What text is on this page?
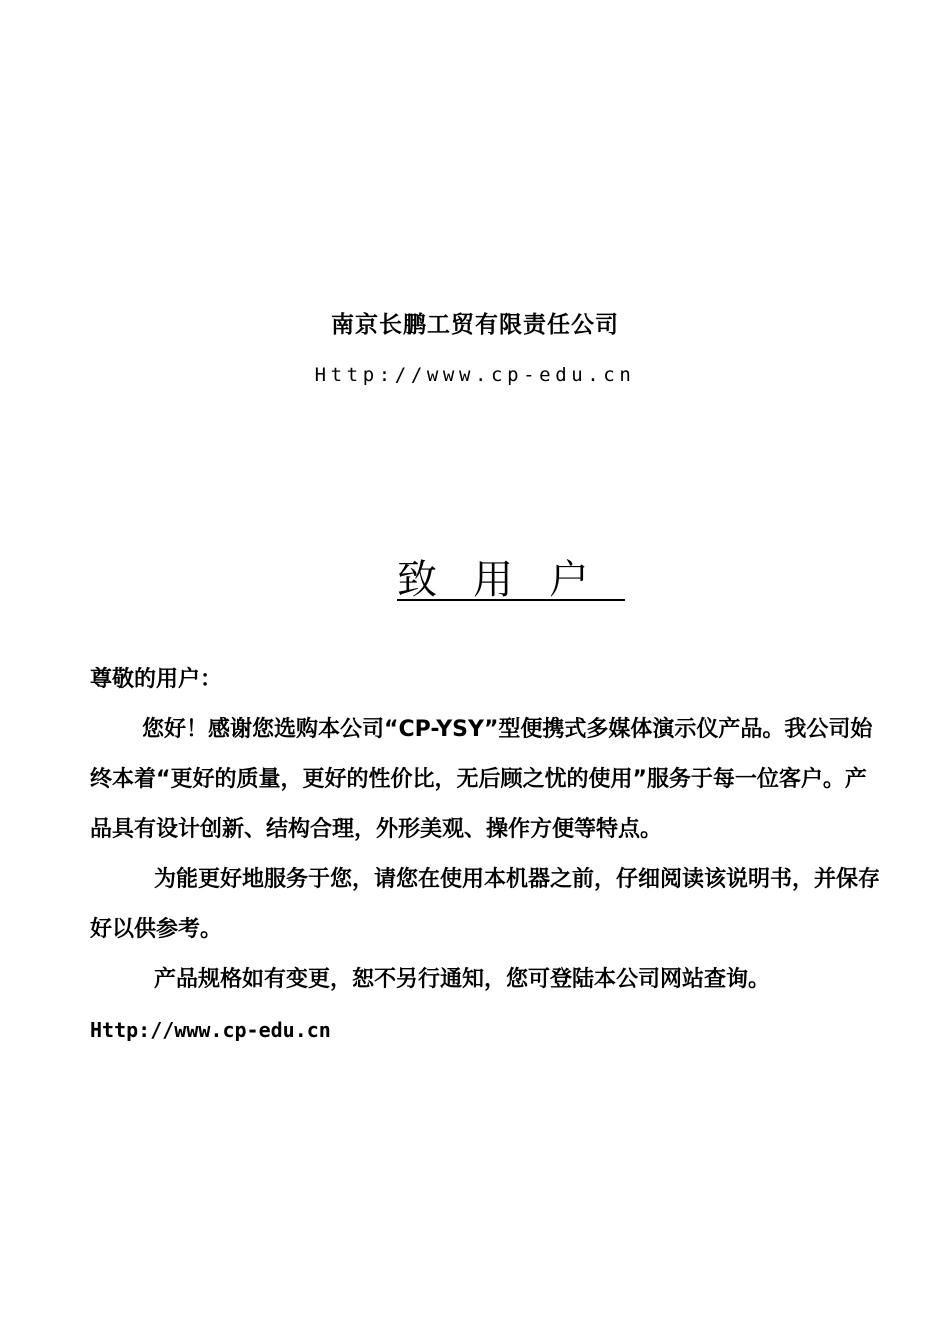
南京长鹏工贸有限责任公司
Http://www.cp-edu.cn
致用户

尊敬的用户：

您好！感谢您选购本公司“CP-YSY”型便携式多媒体演示仪产品。我公司始终本着“更好的质量，更好的性价比，无后顾之忧的使用”服务于每一位客户。产品具有设计创新、结构合理，外形美观、操作方便等特点。

为能更好地服务于您，请您在使用本机器之前，仔细阅读该说明书，并保存好以供参考。

产品规格如有变更，恕不另行通知，您可登陆本公司网站查询。

Http://www.cp-edu.cn
